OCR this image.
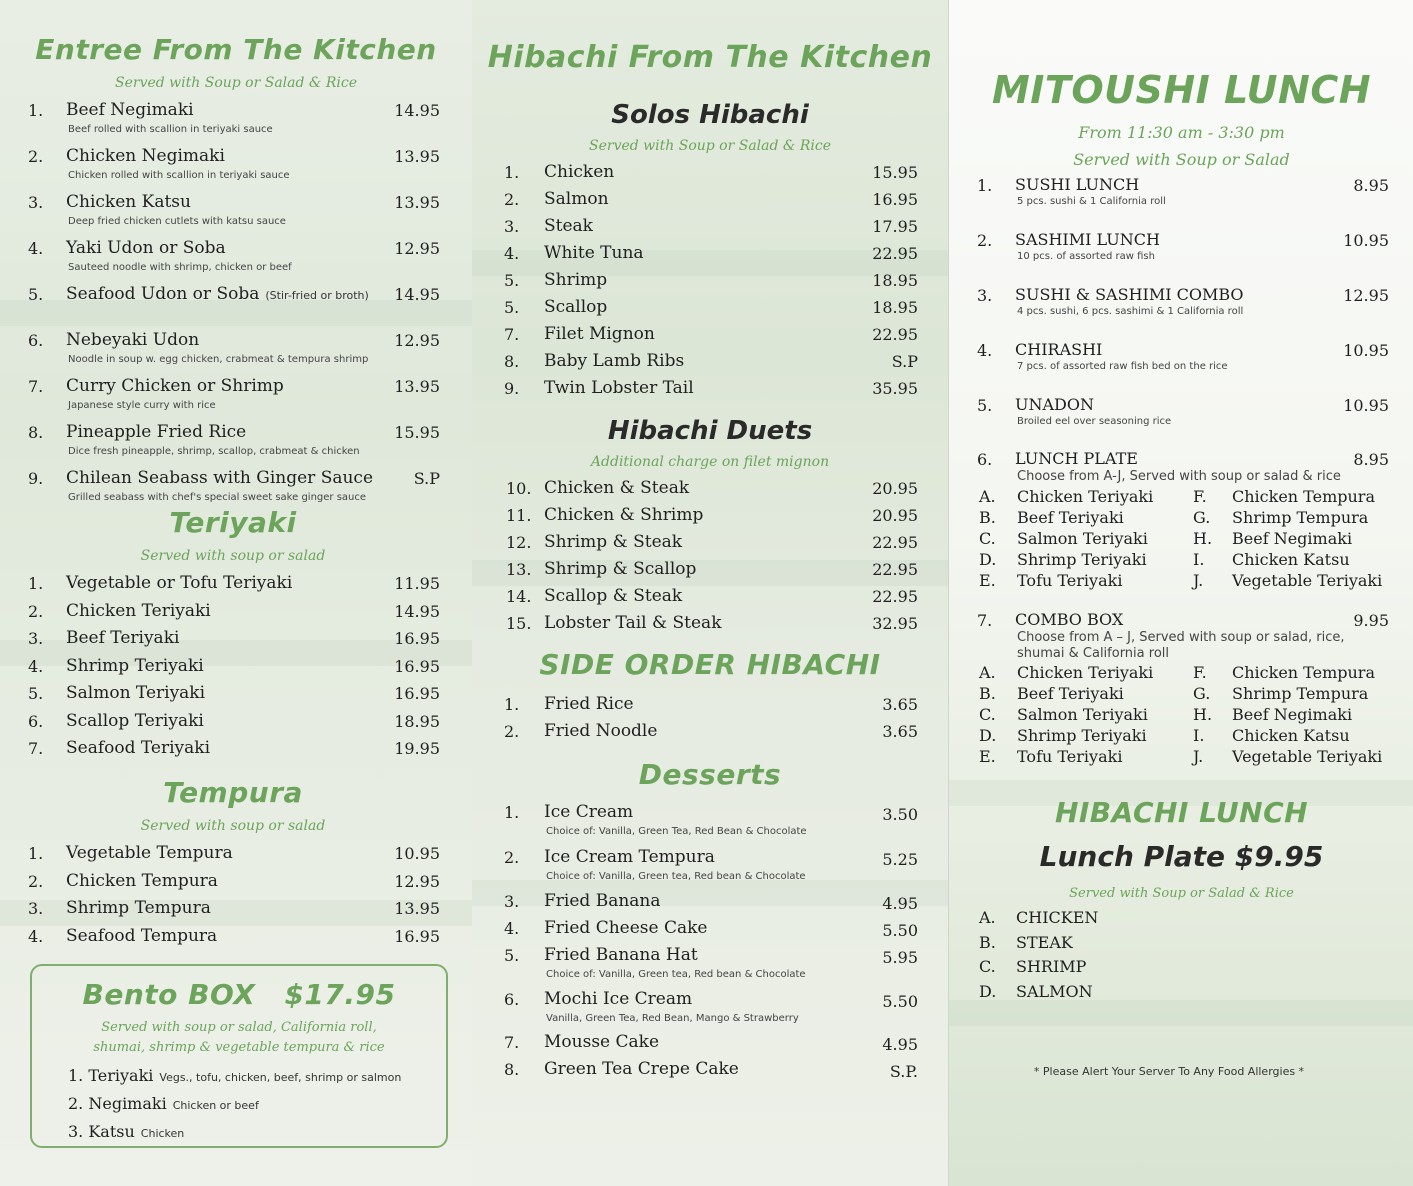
Entree From The Kitchen
Served with Soup or Salad & Rice
1. Beef Negimaki	14.95
Beef rolled with scallion in teriyaki sauce
2. Chicken Negimaki	13.95
Chicken rolled with scallion in teriyaki sauce
3. Chicken Katsu	13.95
Deep fried chicken cutlets with katsu sauce
4. Yaki Udon or Soba	12.95
Sauteed noodle with shrimp, chicken or beef
5. Seafood Udon or Soba (Stir-fried or broth)	14.95
6. Nebeyaki Udon	12.95
Noodle in soup w. egg chicken, crabmeat & tempura shrimp
7. Curry Chicken or Shrimp	13.95
Japanese style curry with rice
8. Pineapple Fried Rice	15.95
Dice fresh pineapple, shrimp, scallop, crabmeat & chicken
9. Chilean Seabass with Ginger Sauce	S.P
Grilled seabass with chef's special sweet sake ginger sauce
Teriyaki
Served with soup or salad
1. Vegetable or Tofu Teriyaki	11.95
2. Chicken Teriyaki	14.95
3. Beef Teriyaki	16.95
4. Shrimp Teriyaki	16.95
5. Salmon Teriyaki	16.95
6. Scallop Teriyaki	18.95
7. Seafood Teriyaki	19.95
Tempura
Served with soup or salad
1. Vegetable Tempura	10.95
2. Chicken Tempura	12.95
3. Shrimp Tempura	13.95
4. Seafood Tempura	16.95
Bento BOX $17.95
Served with soup or salad, California roll,
shumai, shrimp & vegetable tempura & rice
1. Teriyaki Vegs., tofu, chicken, beef, shrimp or salmon
2. Negimaki Chicken or beef
3. Katsu Chicken
Hibachi From The Kitchen
Solos Hibachi
Served with Soup or Salad & Rice
1. Chicken	15.95
2. Salmon	16.95
3. Steak	17.95
4. White Tuna	22.95
5. Shrimp	18.95
5. Scallop	18.95
7. Filet Mignon	22.95
8. Baby Lamb Ribs	S.P
9. Twin Lobster Tail	35.95
Hibachi Duets
Additional charge on filet mignon
10. Chicken & Steak	20.95
11. Chicken & Shrimp	20.95
12. Shrimp & Steak	22.95
13. Shrimp & Scallop	22.95
14. Scallop & Steak	22.95
15. Lobster Tail & Steak	32.95
SIDE ORDER HIBACHI
1. Fried Rice	3.65
2. Fried Noodle	3.65
Desserts
1. Ice Cream	3.50
Choice of: Vanilla, Green Tea, Red Bean & Chocolate
2. Ice Cream Tempura	5.25
Choice of: Vanilla, Green tea, Red bean & Chocolate
3. Fried Banana	4.95
4. Fried Cheese Cake	5.50
5. Fried Banana Hat	5.95
Choice of: Vanilla, Green tea, Red bean & Chocolate
6. Mochi Ice Cream	5.50
Vanilla, Green Tea, Red Bean, Mango & Strawberry
7. Mousse Cake	4.95
8. Green Tea Crepe Cake	S.P.
MITOUSHI LUNCH
From 11:30 am - 3:30 pm
Served with Soup or Salad
1. SUSHI LUNCH	8.95
5 pcs. sushi & 1 California roll
2. SASHIMI LUNCH	10.95
10 pcs. of assorted raw fish
3. SUSHI & SASHIMI COMBO	12.95
4 pcs. sushi, 6 pcs. sashimi & 1 California roll
4. CHIRASHI	10.95
7 pcs. of assorted raw fish bed on the rice
5. UNADON	10.95
Broiled eel over seasoning rice
6. LUNCH PLATE	8.95
Choose from A-J, Served with soup or salad & rice
A. Chicken Teriyaki
B. Beef Teriyaki
C. Salmon Teriyaki
D. Shrimp Teriyaki
E. Tofu Teriyaki
F. Chicken Tempura
G. Shrimp Tempura
H. Beef Negimaki
I. Chicken Katsu
J. Vegetable Teriyaki
7. COMBO BOX	9.95
Choose from A – J, Served with soup or salad, rice,
shumai & California roll
A. Chicken Teriyaki
B. Beef Teriyaki
C. Salmon Teriyaki
D. Shrimp Teriyaki
E. Tofu Teriyaki
F. Chicken Tempura
G. Shrimp Tempura
H. Beef Negimaki
I. Chicken Katsu
J. Vegetable Teriyaki
HIBACHI LUNCH
Lunch Plate $9.95
Served with Soup or Salad & Rice
A. CHICKEN
B. STEAK
C. SHRIMP
D. SALMON
* Please Alert Your Server To Any Food Allergies *
